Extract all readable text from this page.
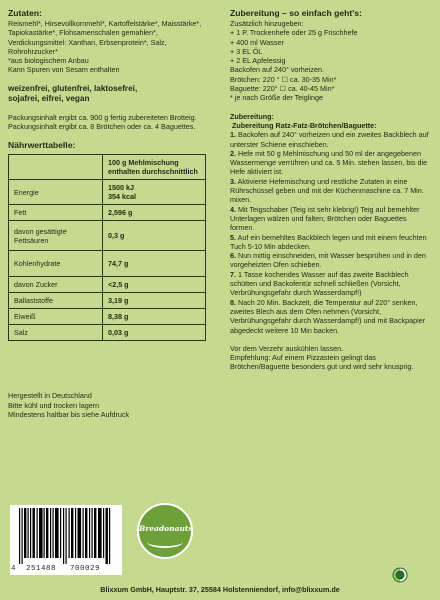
Zutaten:

Reismehl*, Hirsevollkornmehl*, Kartoffelstärke*, Maisstärke*, Tapiokastärke*, Flohsamenschalen gemahlen*, Verdickungsmittel: Xanthan, Erbsenprotein*, Salz, Rohrohrzucker*

*aus biologischem Anbau

Kann Spuren von Sesam enthalten

weizenfrei, glutenfrei, laktosefrei,

sojafrei, eifrei, vegan

Packungsinhalt ergibt ca. 900 g fertig zubereiteten Brotteig. Packungsinhalt ergibt ca. 8 Brötchen oder ca. 4 Baguettes.

Nährwerttabelle:
	100 g Mehlmischung enthalten durchschnittlich
Energie	1500 kJ
354 kcal

Fett	2,596 g
davon gesättigte Fettsäuren	0,3 g
Kohlenhydrate	74,7 g
davon Zucker	<2,5 g
Ballaststoffe	3,19 g
Eiweiß	8,38 g
Salz	0,03 g

Hergestellt in Deutschland

Bitte kühl und trocken lagern

Mindestens haltbar bis siehe Aufdruck

4 251488 700029
Breadonauts
Zubereitung – so einfach geht's:

Zusätzlich hinzugeben:

+ 1 P. Trockenhefe oder 25 g Frischhefe

+ 400 ml Wasser

+ 3 EL ÖL

+ 2 EL Apfelessig

Backofen auf 240° vorheizen.

Brötchen: 220 ° ☐ ca. 30-35 Min*

Baguette: 220° ☐ ca. 40-45 Min*

* je nach Größe der Teiglinge

Zubereitung:

Zubereitung Ratz-Fatz-Brötchen/Baguette:

1. Backofen auf 240° vorheizen und ein zweites Backblech auf unterster Schiene einschieben.

2. Hefe mit 50 g Mehlmischung und 50 ml der angegebenen Wassermenge verrühren und ca. 5 Min. stehen lassen, bis die Hefe aktiviert ist.

3. Aktivierte Hefemischung und restliche Zutaten in eine Rührschüssel geben und mit der Küchenmaschine ca. 7 Min. mixen.

4. Mit Teigschaber (Teig ist sehr klebrig!) Teig auf bemehlter Unterlagen wälzen und falten; Brötchen oder Baguettes formen.

5. Auf ein bemehltes Backblech legen und mit einem feuchten Tuch 5-10 Min abdecken.

6. Nun mittig einschneiden, mit Wasser besprühen und in den vorgeheizten Ofen schieben.

7. 1 Tasse kochendes Wasser auf das zweite Backblech schütten und Backofentür schnell schließen (Vorsicht, Verbrühungsgefahr durch Wasserdampf!)

8. Nach 20 Min. Backzeit, die Temperatur auf 220° senken, zweites Blech aus dem Ofen nehmen (Vorsicht, Verbrühungsgefahr durch Wasserdampf!) und mit Backpapier abgedeckt weitere 10 Min backen.

Vor dem Verzehr auskühlen lassen.

Empfehlung: Auf einem Pizzastein gelingt das Brötchen/Baguette besonders gut und wird sehr knusprig.

Blixxum GmbH, Hauptstr. 37, 25584 Holstenniendorf, info@blixxum.de
